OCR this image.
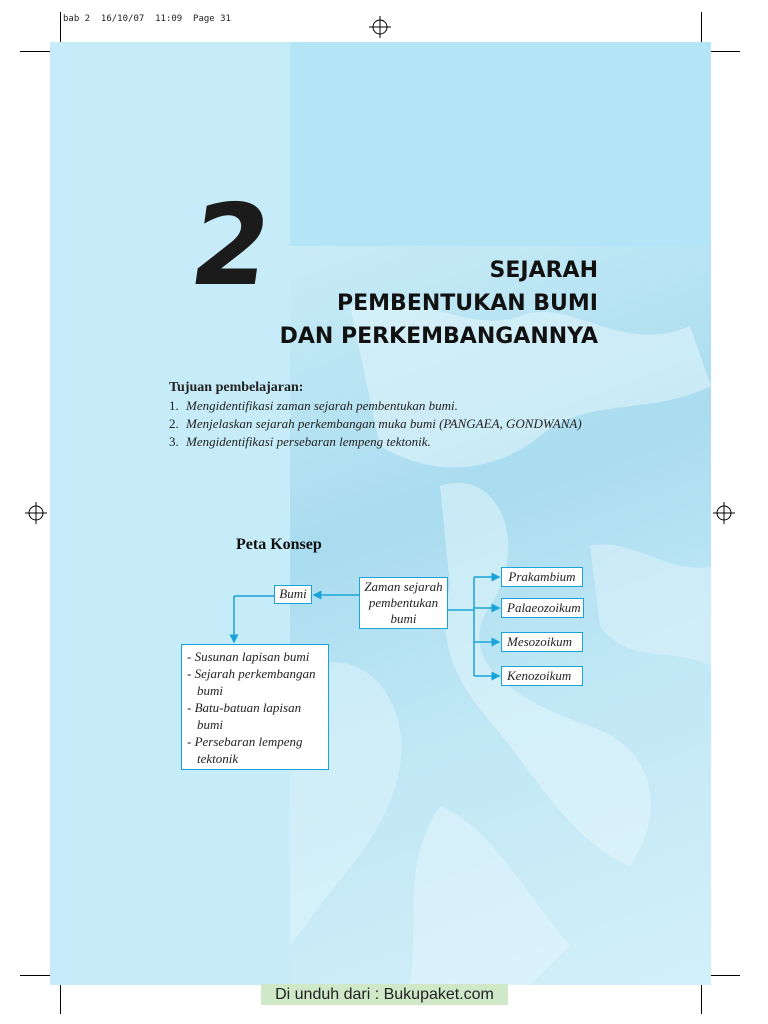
bab 2  16/10/07  11:09  Page 31
2	SEJARAH
PEMBENTUKAN BUMI
DAN PERKEMBANGANNYA
Tujuan pembelajaran:
1. Mengidentifikasi zaman sejarah pembentukan bumi.
2. Menjelaskan sejarah perkembangan muka bumi (PANGAEA, GONDWANA)
3. Mengidentifikasi persebaran lempeng tektonik.
Peta Konsep
Bumi	Zaman sejarah
pembentukan
bumi
Prakambium
Palaeozoikum
Mesozoikum
Kenozoikum
- Susunan lapisan bumi
- Sejarah perkembangan bumi
- Batu-batuan lapisan bumi
- Persebaran lempeng tektonik
Di unduh dari : Bukupaket.com
